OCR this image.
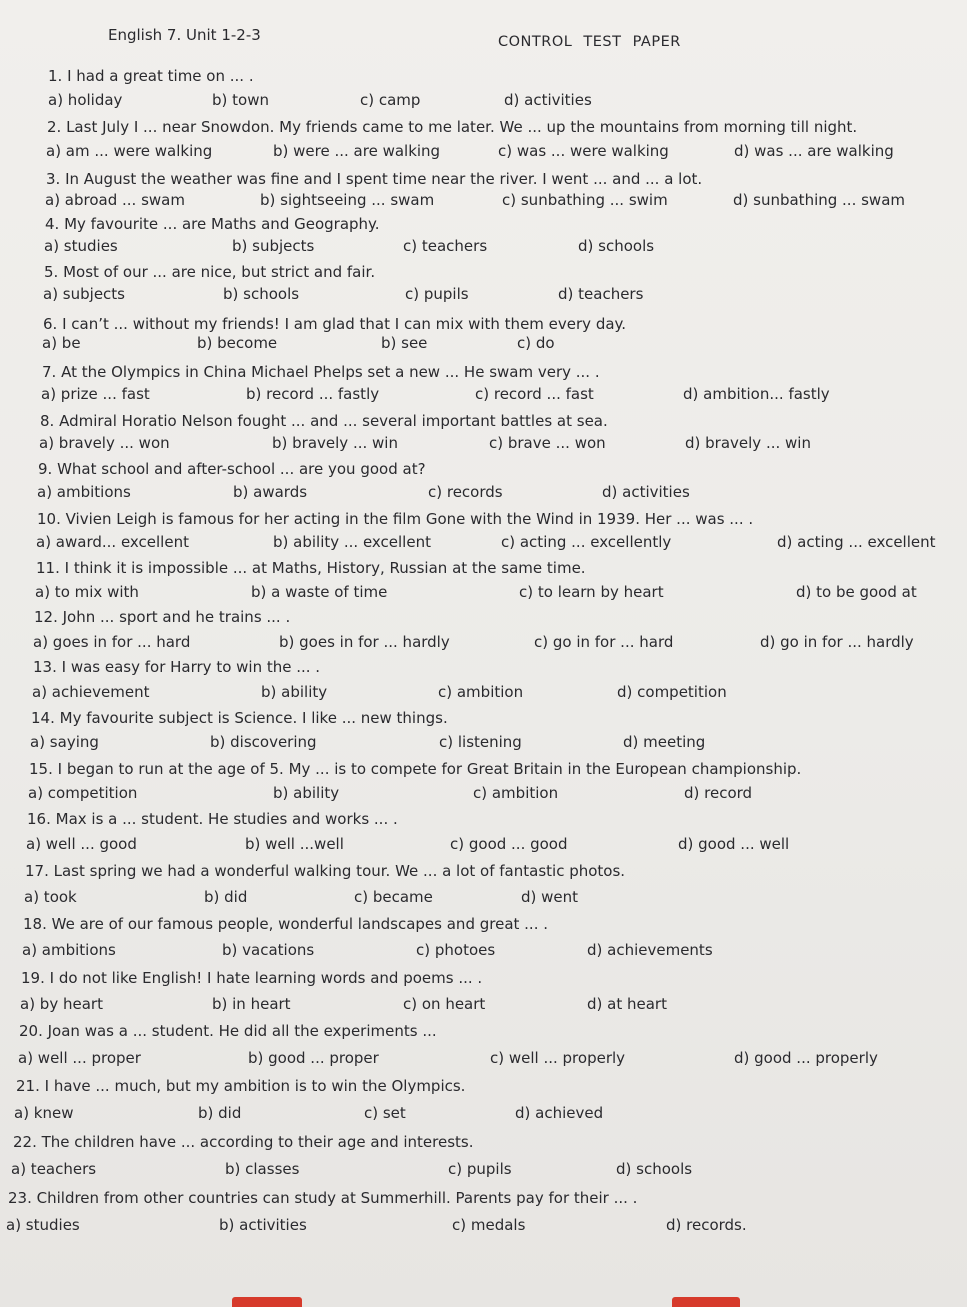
English 7. Unit 1-2-3	CONTROL TEST PAPER
1. I had a great time on ... .
a) holiday	b) town	c) camp	d) activities
2. Last July I ... near Snowdon. My friends came to me later. We ... up the mountains from morning till night.
a) am ... were walking	b) were ... are walking	c) was ... were walking	d) was ... are walking
3. In August the weather was fine and I spent time near the river. I went ... and ... a lot.
a) abroad ... swam	b) sightseeing ... swam	c) sunbathing ... swim	d) sunbathing ... swam
4. My favourite ... are Maths and Geography.
a) studies	b) subjects	c) teachers	d) schools
5. Most of our ... are nice, but strict and fair.
a) subjects	b) schools	c) pupils	d) teachers
6. I can’t ... without my friends! I am glad that I can mix with them every day.
a) be	b) become	b) see	c) do
7. At the Olympics in China Michael Phelps set a new ... He swam very ... .
a) prize ... fast	b) record ... fastly	c) record ... fast	d) ambition... fastly
8. Admiral Horatio Nelson fought ... and ... several important battles at sea.
a) bravely ... won	b) bravely ... win	c) brave ... won	d) bravely ... win
9. What school and after-school ... are you good at?
a) ambitions	b) awards	c) records	d) activities
10. Vivien Leigh is famous for her acting in the film Gone with the Wind in 1939. Her ... was ... .
a) award... excellent	b) ability ... excellent	c) acting ... excellently	d) acting ... excellent
11. I think it is impossible ... at Maths, History, Russian at the same time.
a) to mix with	b) a waste of time	c) to learn by heart	d) to be good at
12. John ... sport and he trains ... .
a) goes in for ... hard	b) goes in for ... hardly	c) go in for ... hard	d) go in for ... hardly
13. I was easy for Harry to win the ... .
a) achievement	b) ability	c) ambition	d) competition
14. My favourite subject is Science. I like ... new things.
a) saying	b) discovering	c) listening	d) meeting
15. I began to run at the age of 5. My ... is to compete for Great Britain in the European championship.
a) competition	b) ability	c) ambition	d) record
16. Max is a ... student. He studies and works ... .
a) well ... good	b) well ...well	c) good ... good	d) good ... well
17. Last spring we had a wonderful walking tour. We ... a lot of fantastic photos.
a) took	b) did	c) became	d) went
18. We are of our famous people, wonderful landscapes and great ... .
a) ambitions	b) vacations	c) photoes	d) achievements
19. I do not like English! I hate learning words and poems ... .
a) by heart	b) in heart	c) on heart	d) at heart
20. Joan was a ... student. He did all the experiments ...
a) well ... proper	b) good ... proper	c) well ... properly	d) good ... properly
21. I have ... much, but my ambition is to win the Olympics.
a) knew	b) did	c) set	d) achieved
22. The children have ... according to their age and interests.
a) teachers	b) classes	c) pupils	d) schools
23. Children from other countries can study at Summerhill. Parents pay for their ... .
a) studies	b) activities	c) medals	d) records.
